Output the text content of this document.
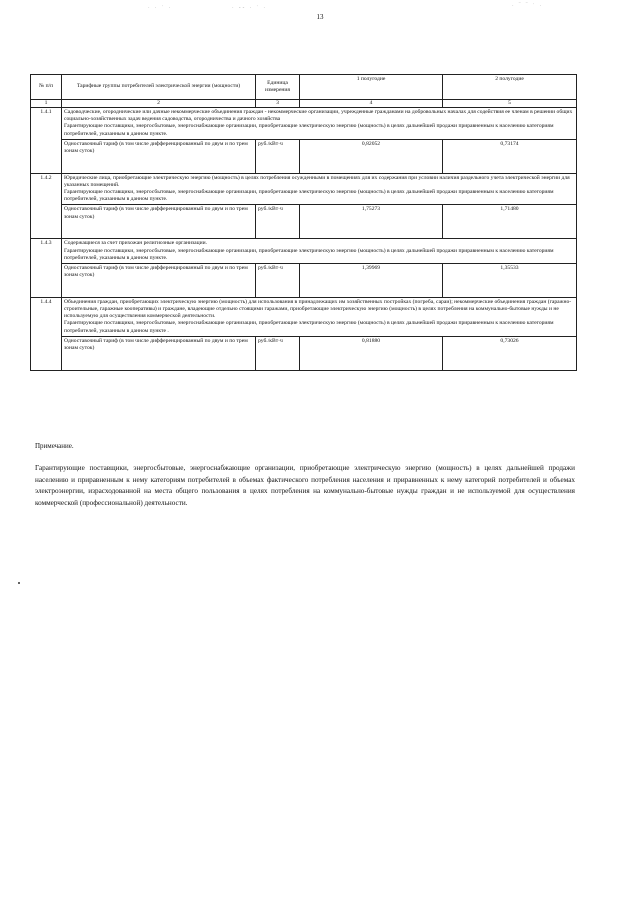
· · ˙ ·	· -- · ˙ ·	· ‾ ‾ ˙ ·
13
№ п/п	Тарифные группы потребителей электрической энергии (мощности)	Единица измерения	1 полугодие	2 полугодие
1	2	3	4	5
1.4.1	Садоводческие, огороднические или дачные некоммерческие объединения граждан - некоммерческие организации, учрежденные гражданами на добровольных началах для содействия ее членам в решении общих социально-хозяйственных задач ведения садоводства, огородничества и дачного хозяйства
Гарантирующие поставщики, энергосбытовые, энергоснабжающие организации, приобретающие электрическую энергию (мощность) в целях дальнейшей продажи приравненным к населению категориям потребителей, указанным в данном пункте.			
	Одноставочный тариф (в том числе дифференцированный по двум и по трем зонам суток)	руб./кВт·ч	0,82052	0,73174
1.4.2	Юридические лица, приобретающие электрическую энергию (мощность) в целях потребления осужденными в помещениях для их содержания при условии наличия раздельного учета электрической энергии для указанных помещений.
Гарантирующие поставщики, энергосбытовые, энергоснабжающие организации, приобретающие электрическую энергию (мощность) в целях дальнейшей продажи приравненным к населению категориям потребителей, указанным в данном пункте.			
	Одноставочный тариф (в том числе дифференцированный по двум и по трем зонам суток)	руб./кВт·ч	1,75273	1,71480
1.4.3	Содержащиеся за счет прихожан религиозные организации.
Гарантирующие поставщики, энергосбытовые, энергоснабжающие организации, приобретающие электрическую энергию (мощность) в целях дальнейшей продажи приравненным к населению категориям потребителей, указанным в данном пункте.			
	Одноставочный тариф (в том числе дифференцированный по двум и по трем зонам суток)	руб./кВт·ч	1,39969	1,35533
1.4.4	Объединения граждан, приобретающих электрическую энергию (мощность) для использования в принадлежащих им хозяйственных постройках (погреба, сараи); некоммерческие объединения граждан (гаражно-строительные, гаражные кооперативы) и граждане, владеющие отдельно стоящими гаражами, приобретающие электрическую энергию (мощность) в целях потребления на коммунально-бытовые нужды и не используемую для осуществления коммерческой деятельности.
Гарантирующие поставщики, энергосбытовые, энергоснабжающие организации, приобретающие электрическую энергию (мощность) в целях дальнейшей продажи приравненным к населению категориям потребителей, указанным в данном пункте .			
	Одноставочный тариф (в том числе дифференцированный по двум и по трем зонам суток)	руб./кВт·ч	0,81880	0,73026
Примечание.
Гарантирующие поставщики, энергосбытовые, энергоснабжающие организации, приобретающие электрическую энергию (мощность) в целях дальнейшей продажи населению и приравненным к нему категориям потребителей в объемах фактического потребления населения и приравненных к нему категорий потребителей и объемах электроэнергии, израсходованной на места общего пользования в целях потребления на коммунально-бытовые нужды граждан и не используемой для осуществления коммерческой (профессиональной) деятельности.
